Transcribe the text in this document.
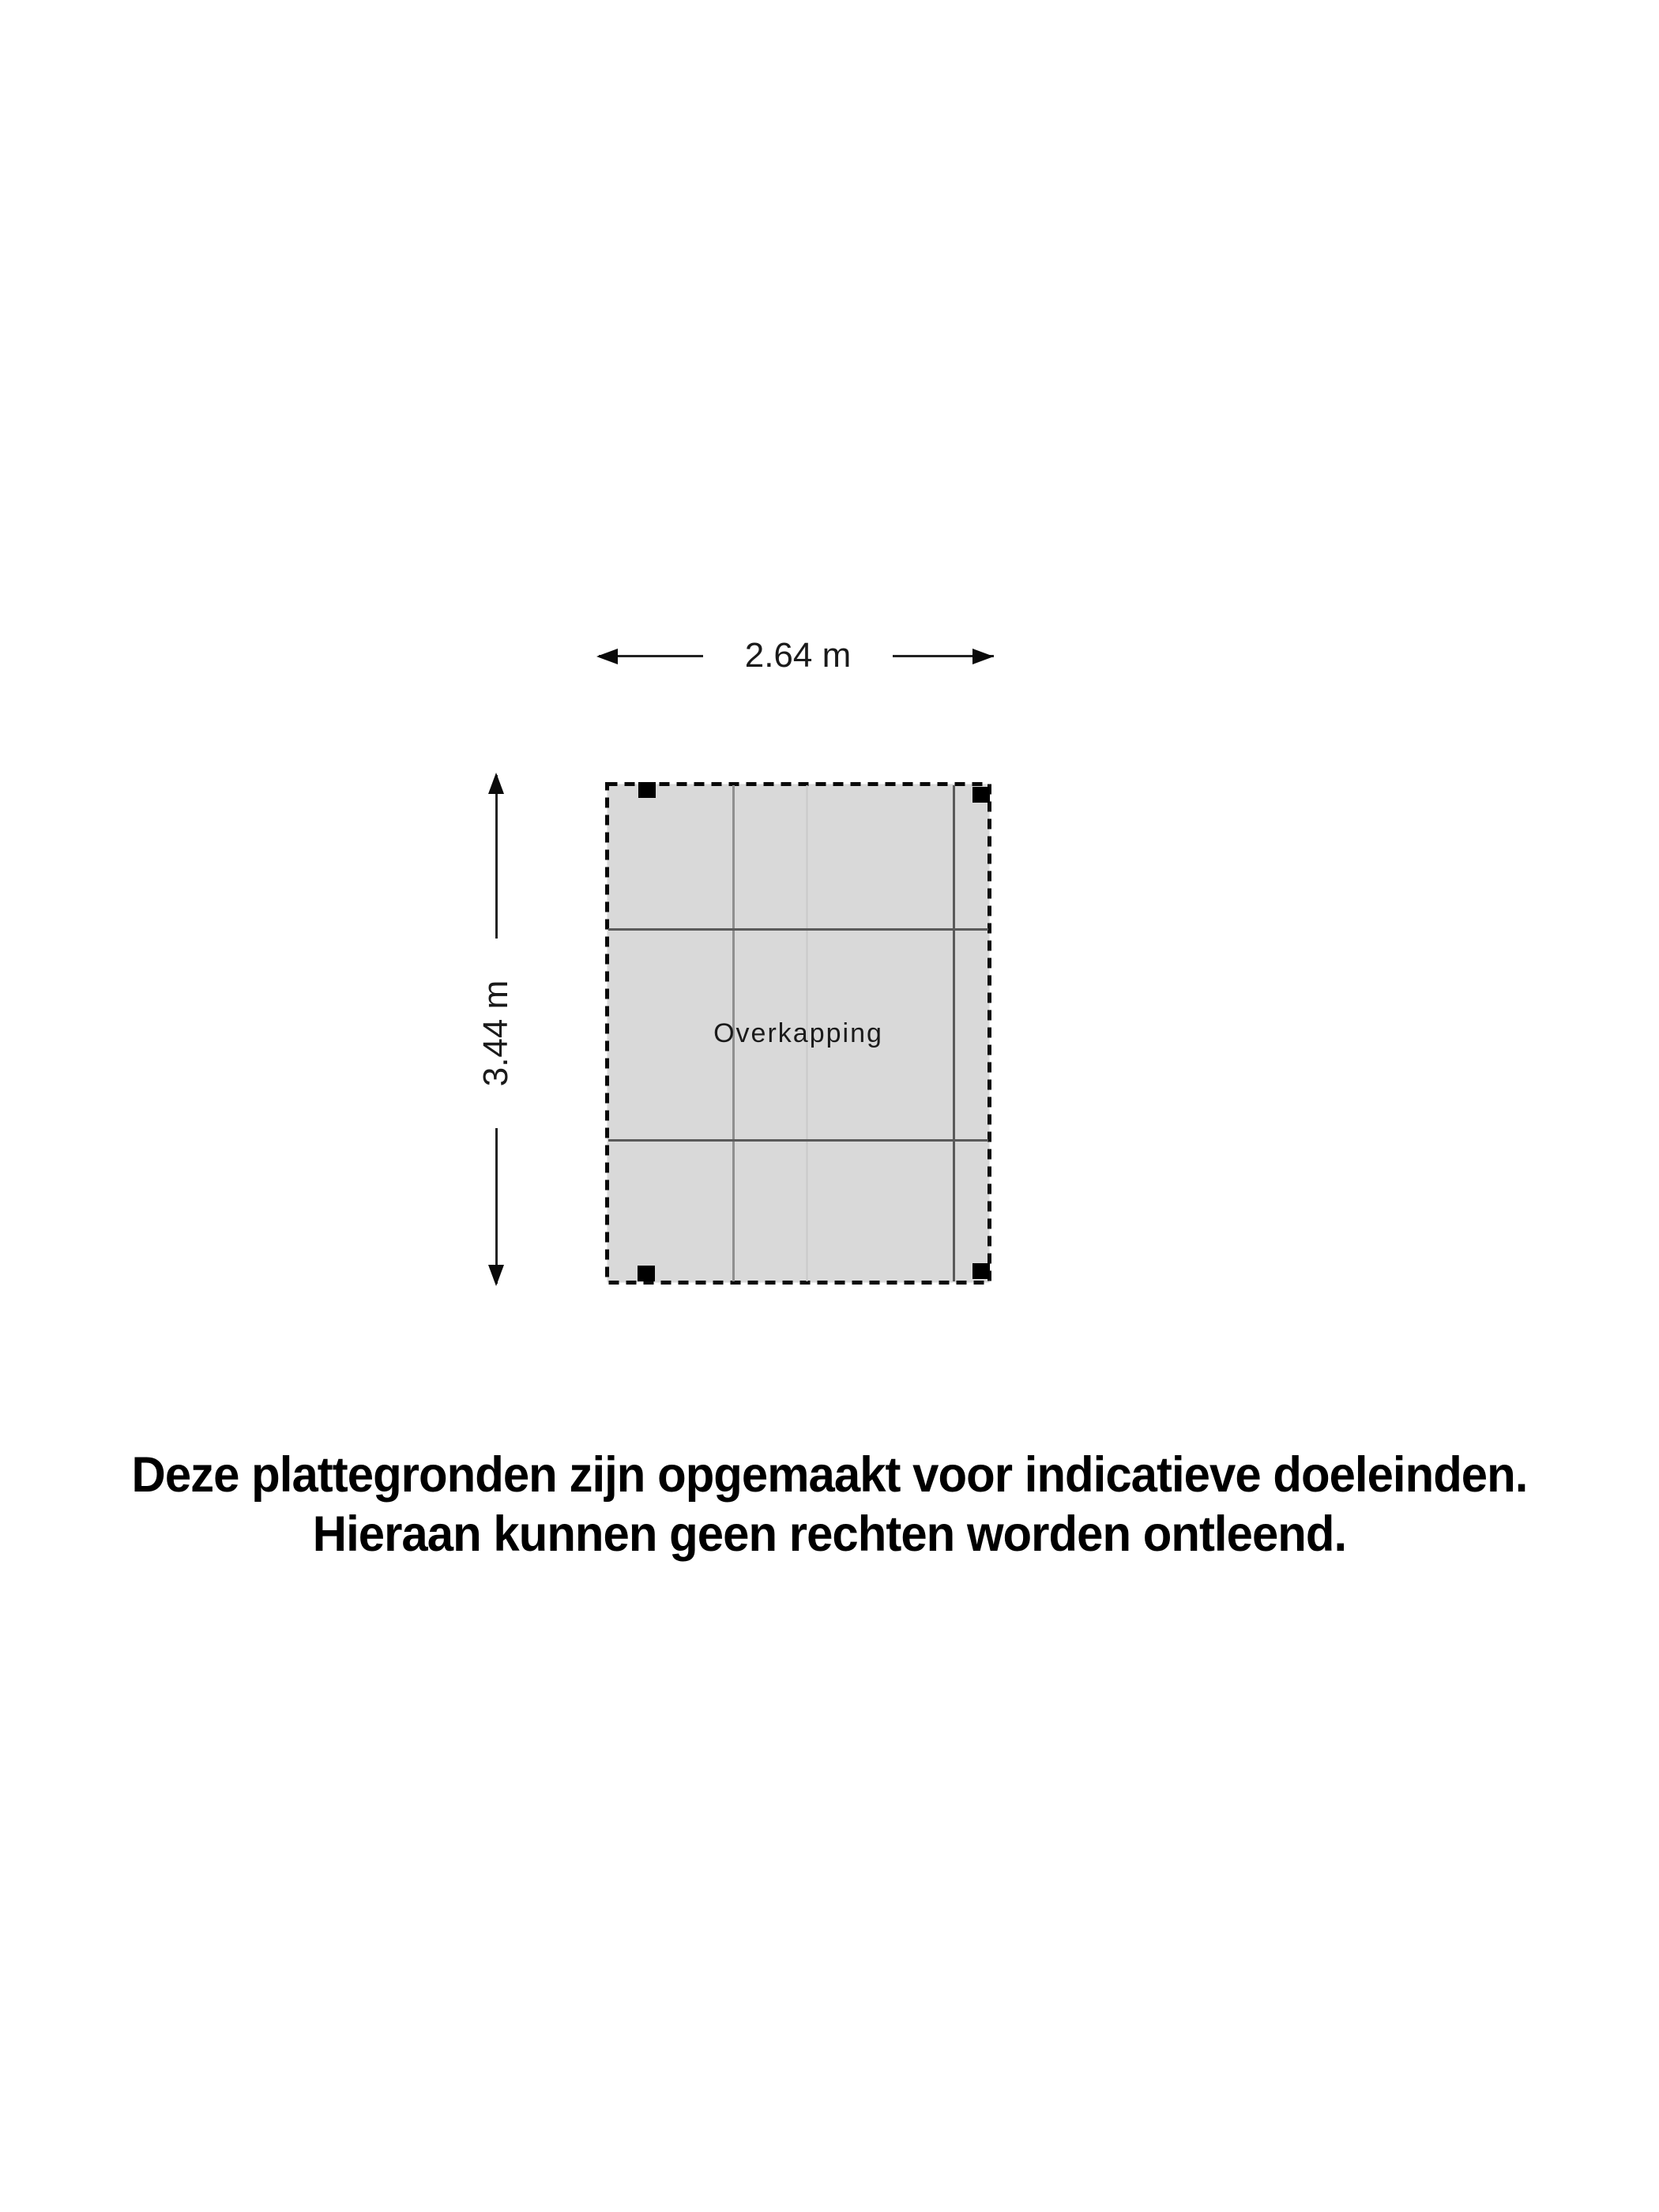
2.64 m
3.44 m	Overkapping
Deze plattegronden zijn opgemaakt voor indicatieve doeleinden.
Hieraan kunnen geen rechten worden ontleend.
